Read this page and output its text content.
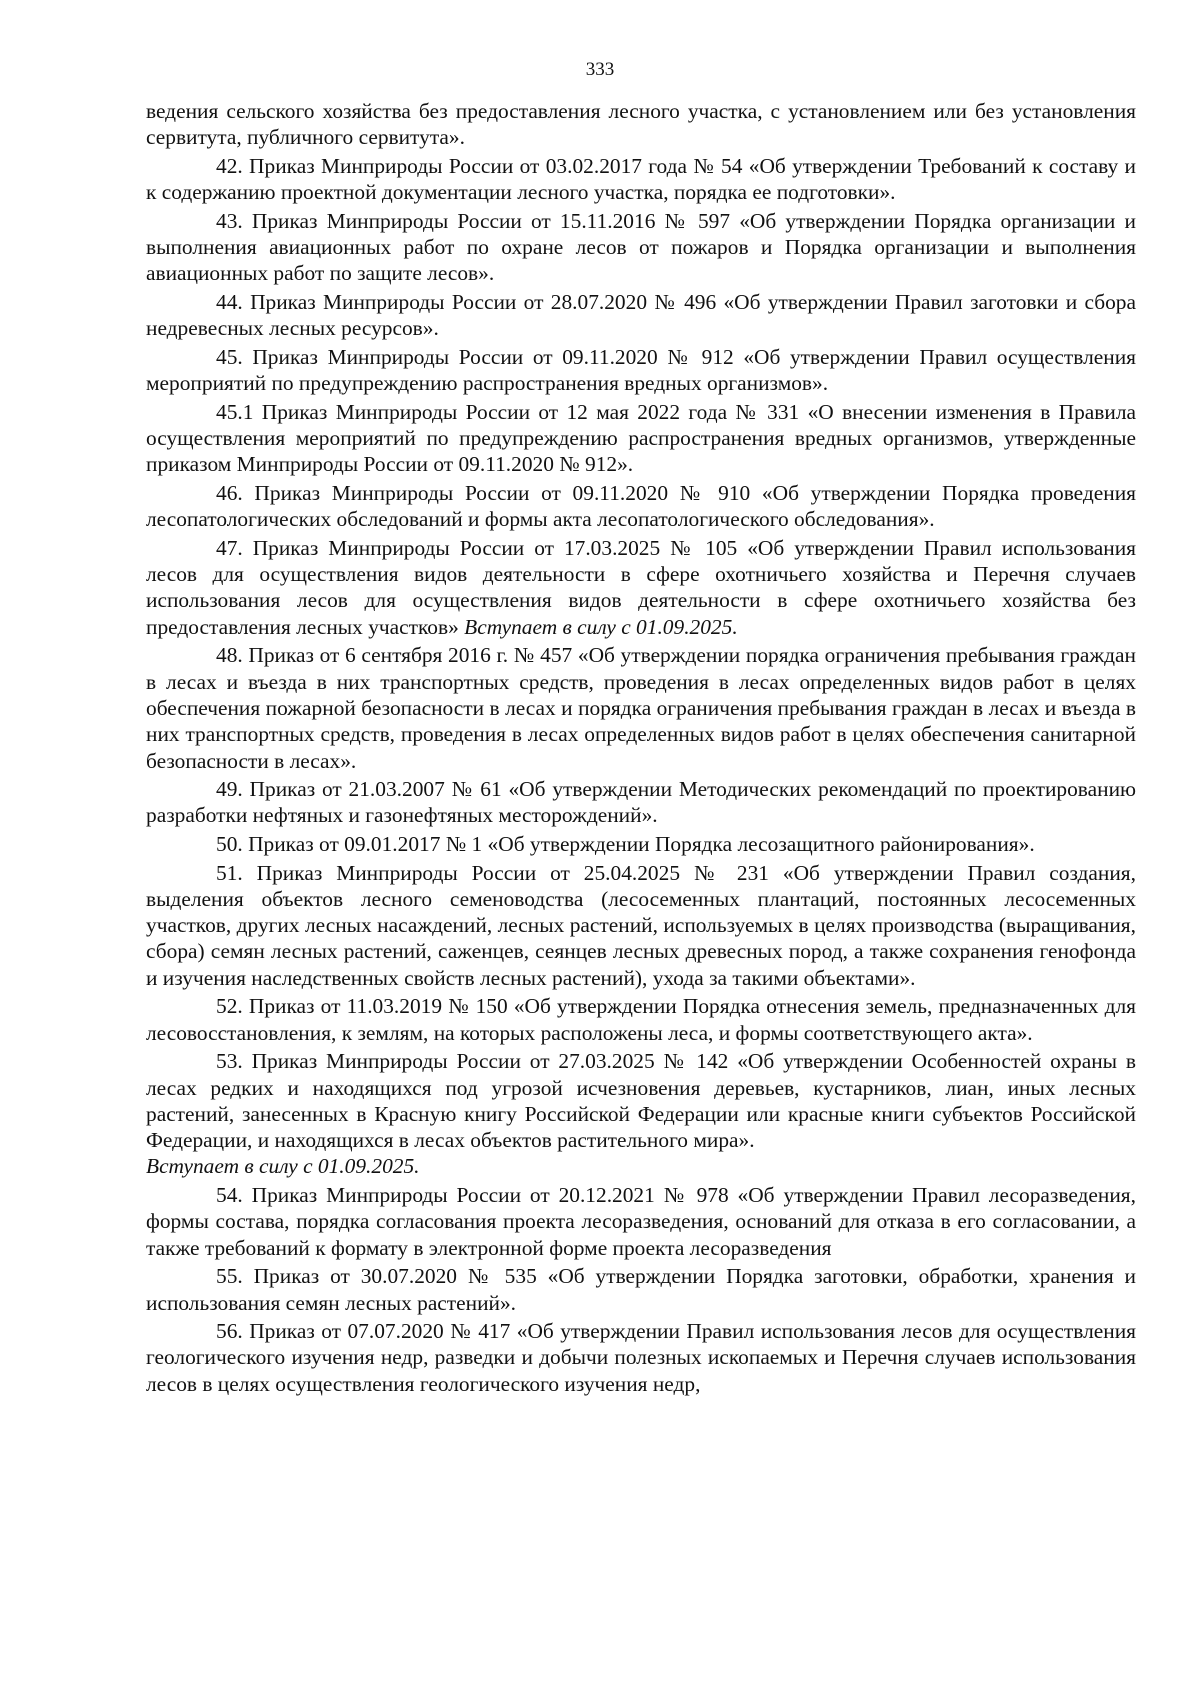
333

ведения сельского хозяйства без предоставления лесного участка, с установлением или без установления сервитута, публичного сервитута».

42. Приказ Минприроды России от 03.02.2017 года № 54 «Об утверждении Требований к составу и к содержанию проектной документации лесного участка, порядка ее подготовки».

43. Приказ Минприроды России от 15.11.2016 № 597 «Об утверждении Порядка организации и выполнения авиационных работ по охране лесов от пожаров и Порядка организации и выполнения авиационных работ по защите лесов».

44. Приказ Минприроды России от 28.07.2020 № 496 «Об утверждении Правил заготовки и сбора недревесных лесных ресурсов».

45. Приказ Минприроды России от 09.11.2020 № 912 «Об утверждении Правил осуществления мероприятий по предупреждению распространения вредных организмов».

45.1 Приказ Минприроды России от 12 мая 2022 года № 331 «О внесении изменения в Правила осуществления мероприятий по предупреждению распространения вредных организмов, утвержденные приказом Минприроды России от 09.11.2020 № 912».

46. Приказ Минприроды России от 09.11.2020 № 910 «Об утверждении Порядка проведения лесопатологических обследований и формы акта лесопатологического обследования».

47. Приказ Минприроды России от 17.03.2025 № 105 «Об утверждении Правил использования лесов для осуществления видов деятельности в сфере охотничьего хозяйства и Перечня случаев использования лесов для осуществления видов деятельности в сфере охотничьего хозяйства без предоставления лесных участков» Вступает в силу с 01.09.2025.

48. Приказ от 6 сентября 2016 г. № 457 «Об утверждении порядка ограничения пребывания граждан в лесах и въезда в них транспортных средств, проведения в лесах определенных видов работ в целях обеспечения пожарной безопасности в лесах и порядка ограничения пребывания граждан в лесах и въезда в них транспортных средств, проведения в лесах определенных видов работ в целях обеспечения санитарной безопасности в лесах».

49. Приказ от 21.03.2007 № 61 «Об утверждении Методических рекомендаций по проектированию разработки нефтяных и газонефтяных месторождений».

50. Приказ от 09.01.2017 № 1 «Об утверждении Порядка лесозащитного районирования».

51. Приказ Минприроды России от 25.04.2025 № 231 «Об утверждении Правил создания, выделения объектов лесного семеноводства (лесосеменных плантаций, постоянных лесосеменных участков, других лесных насаждений, лесных растений, используемых в целях производства (выращивания, сбора) семян лесных растений, саженцев, сеянцев лесных древесных пород, а также сохранения генофонда и изучения наследственных свойств лесных растений), ухода за такими объектами».

52. Приказ от 11.03.2019 № 150 «Об утверждении Порядка отнесения земель, предназначенных для лесовосстановления, к землям, на которых расположены леса, и формы соответствующего акта».

53. Приказ Минприроды России от 27.03.2025 № 142 «Об утверждении Особенностей охраны в лесах редких и находящихся под угрозой исчезновения деревьев, кустарников, лиан, иных лесных растений, занесенных в Красную книгу Российской Федерации или красные книги субъектов Российской Федерации, и находящихся в лесах объектов растительного мира».
Вступает в силу с 01.09.2025.

54. Приказ Минприроды России от 20.12.2021 № 978 «Об утверждении Правил лесоразведения, формы состава, порядка согласования проекта лесоразведения, оснований для отказа в его согласовании, а также требований к формату в электронной форме проекта лесоразведения

55. Приказ от 30.07.2020 № 535 «Об утверждении Порядка заготовки, обработки, хранения и использования семян лесных растений».

56. Приказ от 07.07.2020 № 417 «Об утверждении Правил использования лесов для осуществления геологического изучения недр, разведки и добычи полезных ископаемых и Перечня случаев использования лесов в целях осуществления геологического изучения недр,
